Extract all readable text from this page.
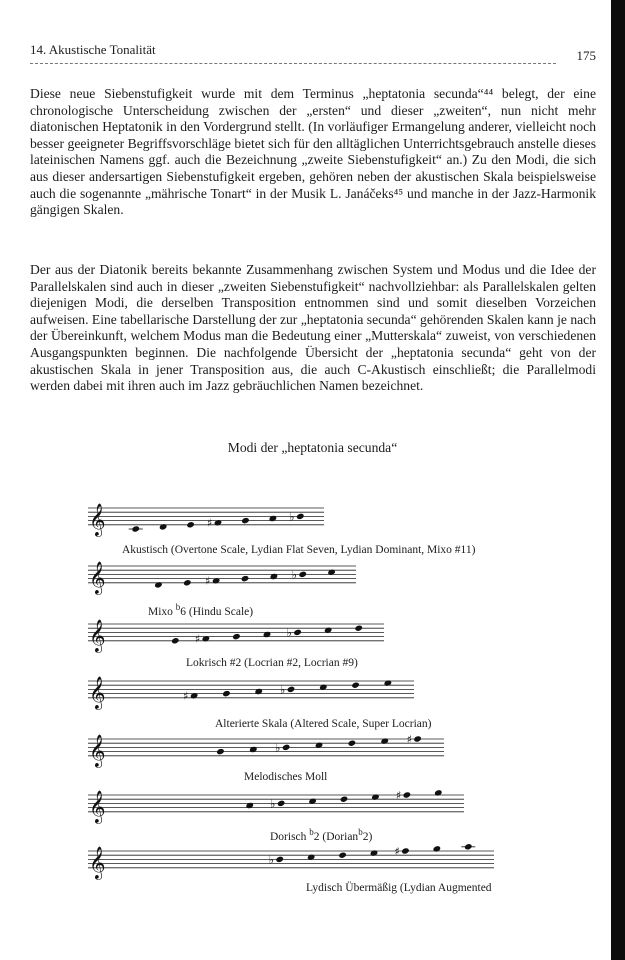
14. Akustische Tonalität	175

Diese neue Siebenstufigkeit wurde mit dem Terminus „heptatonia secunda“⁴⁴ belegt, der eine chronologische Unterscheidung zwischen der „ersten“ und dieser „zweiten“, nun nicht mehr diatonischen Heptatonik in den Vordergrund stellt. (In vorläufiger Ermangelung anderer, vielleicht noch besser geeigneter Begriffsvorschläge bietet sich für den alltäglichen Unterrichtsgebrauch anstelle dieses lateinischen Namens ggf. auch die Bezeichnung „zweite Siebenstufigkeit“ an.) Zu den Modi, die sich aus dieser andersartigen Siebenstufigkeit ergeben, gehören neben der akustischen Skala beispielsweise auch die sogenannte „mährische Tonart“ in der Musik L. Janáčeks⁴⁵ und manche in der Jazz-Harmonik gängigen Skalen.

Der aus der Diatonik bereits bekannte Zusammenhang zwischen System und Modus und die Idee der Parallelskalen sind auch in dieser „zweiten Siebenstufigkeit“ nachvollziehbar: als Parallelskalen gelten diejenigen Modi, die derselben Transposition entnommen sind und somit dieselben Vorzeichen aufweisen. Eine tabellarische Darstellung der zur „heptatonia secunda“ gehörenden Skalen kann je nach der Übereinkunft, welchem Modus man die Bedeutung einer „Mutterskala“ zuweist, von verschiedenen Ausgangspunkten beginnen. Die nachfolgende Übersicht der „heptatonia secunda“ geht von der akustischen Skala in jener Transposition aus, die auch C-Akustisch einschließt; die Parallelmodi werden dabei mit ihren auch im Jazz gebräuchlichen Namen bezeichnet.

Modi der „heptatonia secunda“
𝄞	♯	♭
Akustisch (Overtone Scale, Lydian Flat Seven, Lydian Dominant, Mixo #11)
𝄞	♯	♭
Mixo $^b$6 (Hindu Scale)
𝄞	♯	♭
Lokrisch #2 (Locrian #2, Locrian #9)
𝄞	♯	♭
Alterierte Skala (Altered Scale, Super Locrian)
𝄞	♭
♯
Melodisches Moll
𝄞	♭
♯
Dorisch $^b$2 (Dorian$^b$2)
𝄞	♭
♯
Lydisch Übermäßig (Lydian Augmented
